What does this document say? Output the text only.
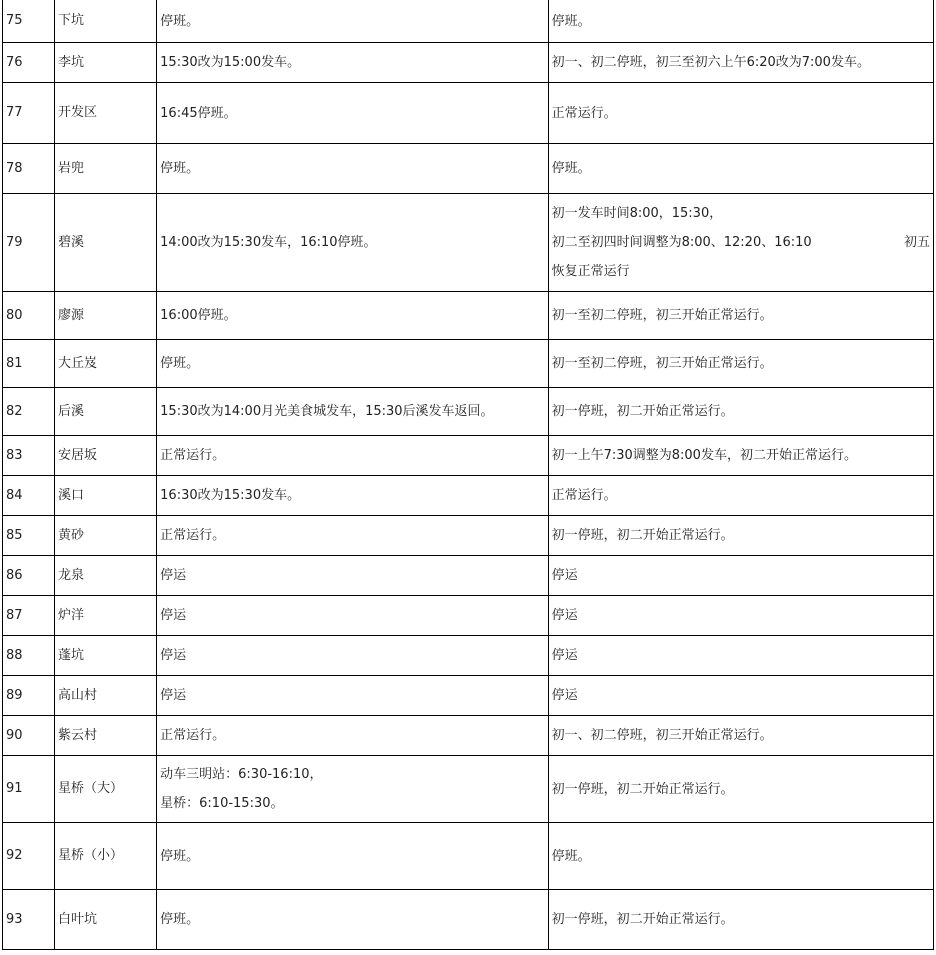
75	下坑	停班。	停班。

76	李坑	15:30改为15:00发车。	初一、初二停班，初三至初六上午6:20改为7:00发车。

77	开发区	16:45停班。	正常运行。

78	岩兜	停班。	停班。

79	碧溪	14:00改为15:30发车，16:10停班。	初一发车时间8:00，15:30，
初二至初四时间调整为8:00、12:20、16:10 初五
恢复正常运行

80	廖源	16:00停班。	初一至初二停班，初三开始正常运行。

81	大丘岌	停班。	初一至初二停班，初三开始正常运行。

82	后溪	15:30改为14:00月光美食城发车，15:30后溪发车返回。	初一停班，初二开始正常运行。

83	安居坂	正常运行。	初一上午7:30调整为8:00发车，初二开始正常运行。

84	溪口	16:30改为15:30发车。	正常运行。

85	黄砂	正常运行。	初一停班，初二开始正常运行。

86	龙泉	停运	停运

87	炉洋	停运	停运

88	蓬坑	停运	停运

89	高山村	停运	停运

90	紫云村	正常运行。	初一、初二停班，初三开始正常运行。

91	星桥（大）	动车三明站：6:30-16:10，
星桥：6:10-15:30。	初一停班，初二开始正常运行。

92	星桥（小）	停班。	停班。

93	白叶坑	停班。	初一停班，初二开始正常运行。
